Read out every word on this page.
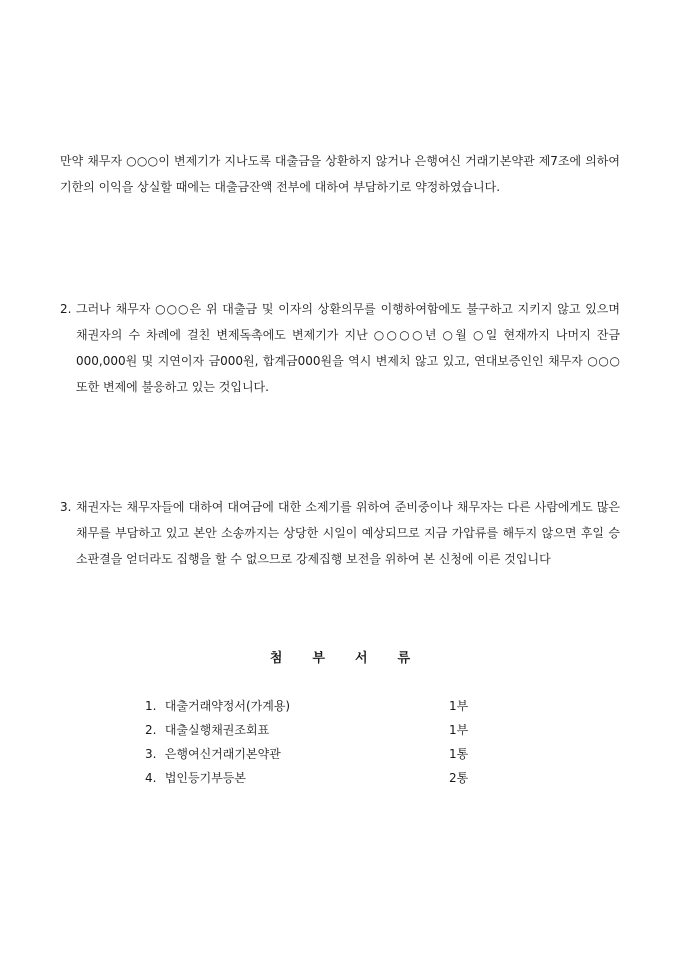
만약 채무자 ○○○이 변제기가 지나도록 대출금을 상환하지 않거나 은행여신 거래기본약관 제7조에 의하여 기한의 이익을 상실할 때에는 대출금잔액 전부에 대하여 부담하기로 약정하였습니다.

2. 그러나 채무자 ○○○은 위 대출금 및 이자의 상환의무를 이행하여함에도 불구하고 지키지 않고 있으며 채권자의 수 차례에 걸친 변제독촉에도 변제기가 지난 ○○○○년 ○월 ○일 현재까지 나머지 잔금000,000원 및 지연이자 금000원, 합계금000원을 역시 변제치 않고 있고, 연대보증인인 채무자 ○○○ 또한 변제에 불응하고 있는 것입니다.
3. 채권자는 채무자들에 대하여 대여금에 대한 소제기를 위하여 준비중이나 채무자는 다른 사람에게도 많은 채무를 부담하고 있고 본안 소송까지는 상당한 시일이 예상되므로 지금 가압류를 해두지 않으면 후일 승소판결을 얻더라도 집행을 할 수 없으므로 강제집행 보전을 위하여 본 신청에 이른 것입니다
첨부서류
1. 대출거래약정서(가계용)	1부
2. 대출실행채권조회표	1부
3. 은행여신거래기본약관	1통
4. 법인등기부등본	2통
